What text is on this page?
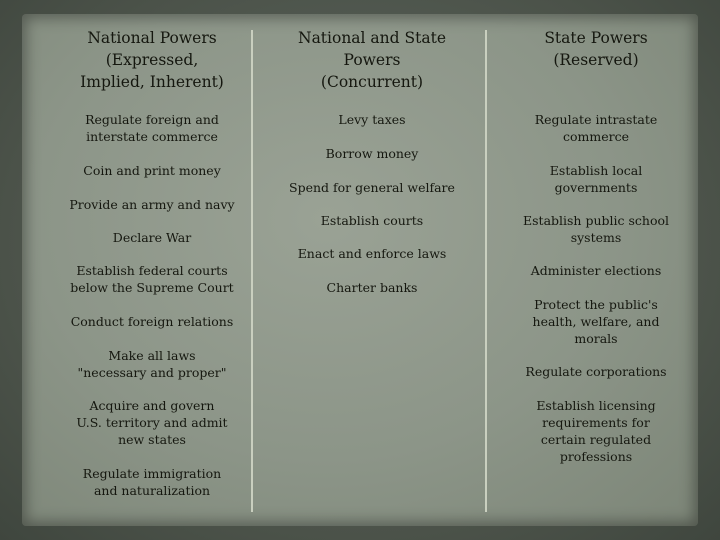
National Powers
(Expressed,
Implied, Inherent)
Regulate foreign and interstate commerce
Coin and print money
Provide an army and navy
Declare War
Establish federal courts below the Supreme Court
Conduct foreign relations
Make all laws "necessary and proper"
Acquire and govern U.S. territory and admit new states
Regulate immigration and naturalization
National and State
Powers
(Concurrent)
Levy taxes
Borrow money
Spend for general welfare
Establish courts
Enact and enforce laws
Charter banks
State Powers
(Reserved)
Regulate intrastate commerce
Establish local governments
Establish public school systems
Administer elections
Protect the public's health, welfare, and morals
Regulate corporations
Establish licensing requirements for certain regulated professions
